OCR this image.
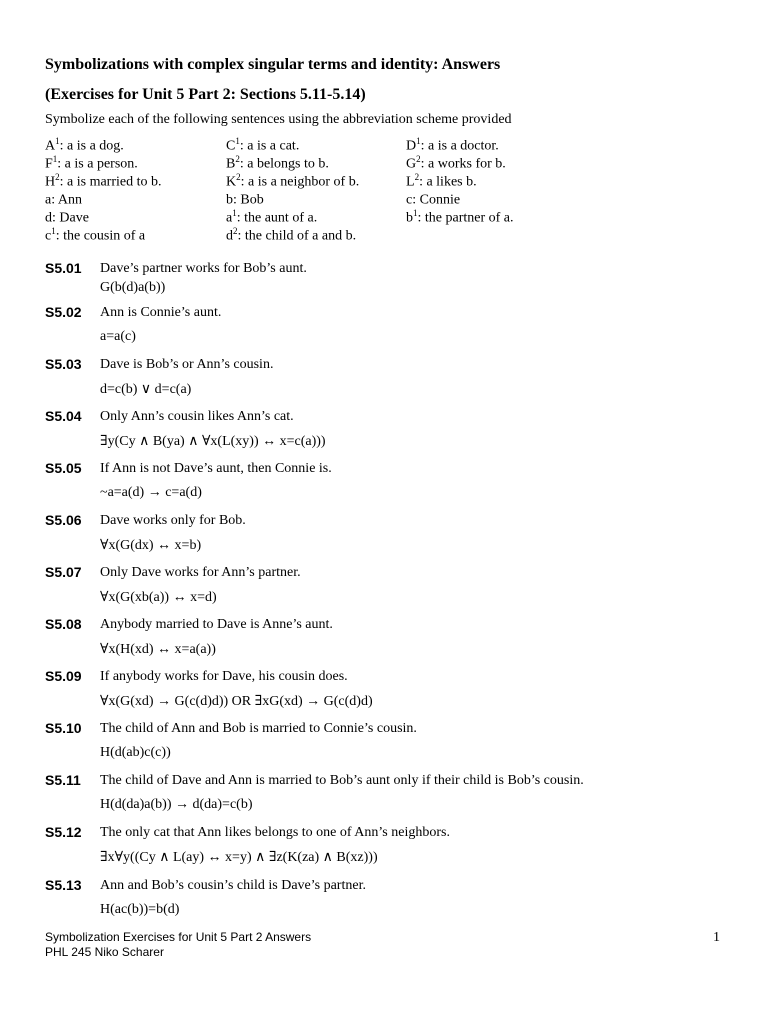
Symbolizations with complex singular terms and identity: Answers
(Exercises for Unit 5 Part 2: Sections 5.11-5.14)
Symbolize each of the following sentences using the abbreviation scheme provided
$A^1$: a is a dog.	$C^1$: a is a cat.	$D^1$: a is a doctor.
$F^1$: a is a person.	$B^2$: a belongs to b.	$G^2$: a works for b.
$H^2$: a is married to b.	$K^2$: a is a neighbor of b.	$L^2$: a likes b.
a: Ann	b: Bob	c: Connie
d: Dave	$a^1$: the aunt of a.	$b^1$: the partner of a.
$c^1$: the cousin of a	$d^2$: the child of a and b.
S5.01 Dave’s partner works for Bob’s aunt.
G(b(d)a(b))
S5.02 Ann is Connie’s aunt.
a=a(c)
S5.03 Dave is Bob’s or Ann’s cousin.
d=c(b) ∨ d=c(a)
S5.04 Only Ann’s cousin likes Ann’s cat.
∃y(Cy ∧ B(ya) ∧ ∀x(L(xy)) ↔ x=c(a)))
S5.05 If Ann is not Dave’s aunt, then Connie is.
~a=a(d) → c=a(d)
S5.06 Dave works only for Bob.
∀x(G(dx) ↔ x=b)
S5.07 Only Dave works for Ann’s partner.
∀x(G(xb(a)) ↔ x=d)
S5.08 Anybody married to Dave is Anne’s aunt.
∀x(H(xd) ↔ x=a(a))
S5.09 If anybody works for Dave, his cousin does.
∀x(G(xd) → G(c(d)d)) OR ∃xG(xd) → G(c(d)d)
S5.10 The child of Ann and Bob is married to Connie’s cousin.
H(d(ab)c(c))
S5.11 The child of Dave and Ann is married to Bob’s aunt only if their child is Bob’s cousin.
H(d(da)a(b)) → d(da)=c(b)
S5.12 The only cat that Ann likes belongs to one of Ann’s neighbors.
∃x∀y((Cy ∧ L(ay) ↔ x=y) ∧ ∃z(K(za) ∧ B(xz)))
S5.13 Ann and Bob’s cousin’s child is Dave’s partner.
H(ac(b))=b(d)
Symbolization Exercises for Unit 5 Part 2 Answers
PHL 245 Niko Scharer
1
